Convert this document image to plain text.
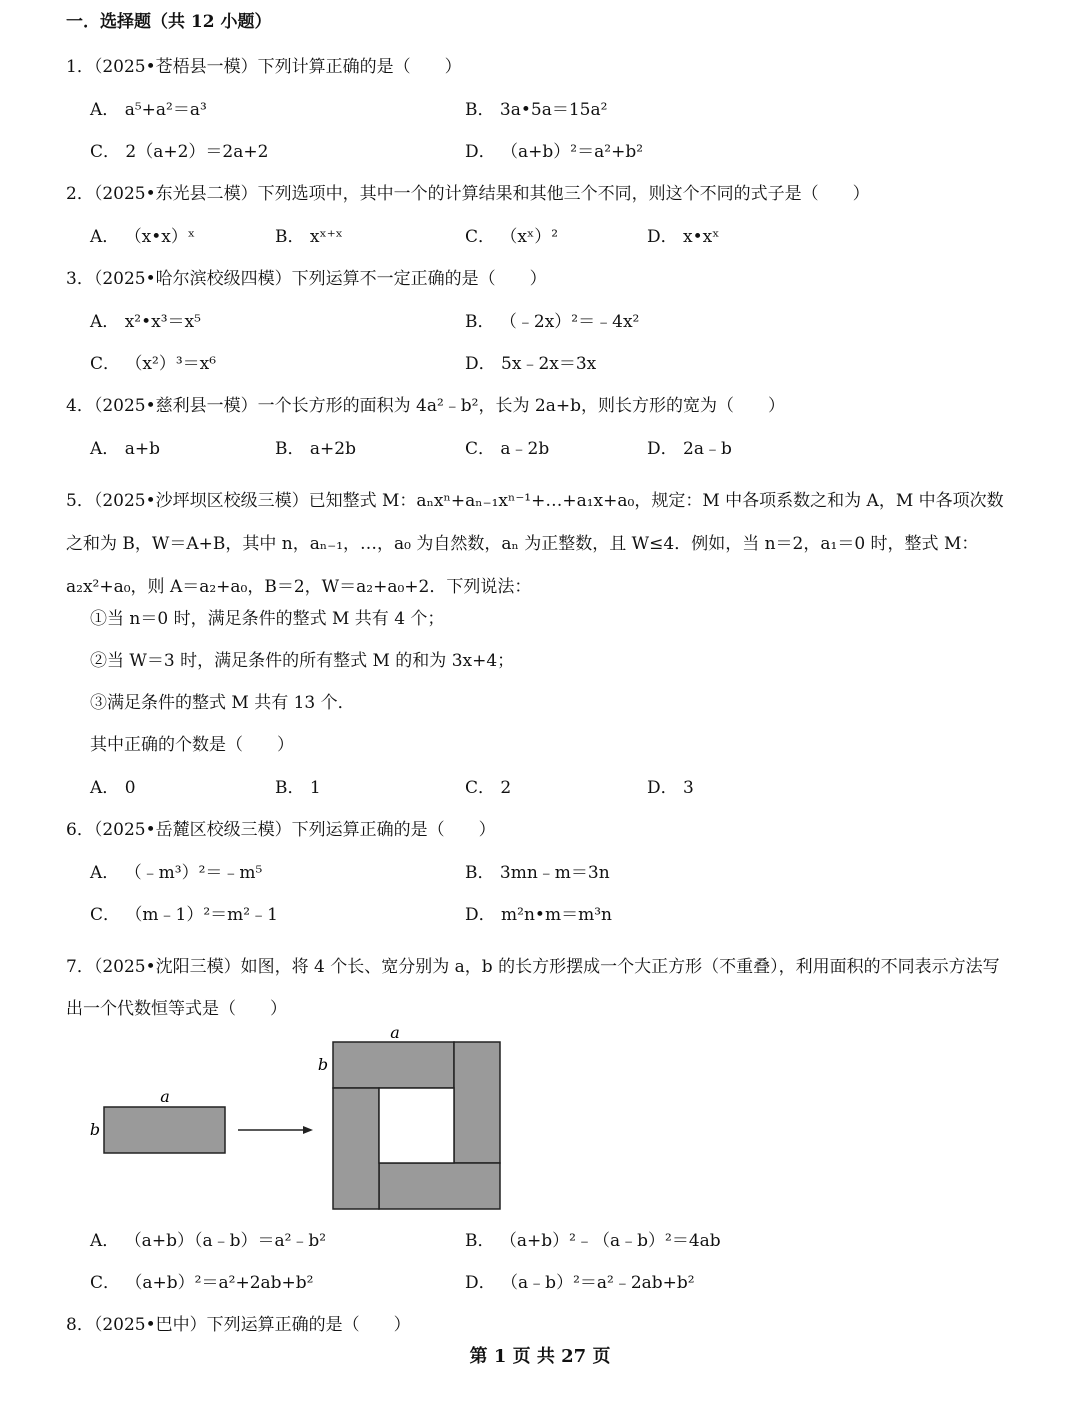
一．选择题（共 12 小题）
1．（2025•苍梧县一模）下列计算正确的是（　　）
A． a⁵+a²＝a³	B． 3a•5a＝15a²
C． 2（a+2）＝2a+2	D． （a+b）²＝a²+b²
2．（2025•东光县二模）下列选项中，其中一个的计算结果和其他三个不同，则这个不同的式子是（　　）
A． （x•x）ˣ	B． xˣ⁺ˣ	C． （xˣ）²	D． x•xˣ
3．（2025•哈尔滨校级四模）下列运算不一定正确的是（　　）
A． x²•x³＝x⁵	B． （﹣2x）²＝﹣4x²
C． （x²）³＝x⁶	D． 5x﹣2x＝3x
4．（2025•慈利县一模）一个长方形的面积为 4a²﹣b²，长为 2a+b，则长方形的宽为（　　）
A． a+b	B． a+2b	C． a﹣2b	D． 2a﹣b
5．（2025•沙坪坝区校级三模）已知整式 M：aₙxⁿ+aₙ₋₁xⁿ⁻¹+…+a₁x+a₀，规定：M 中各项系数之和为 A，M 中各项次数之和为 B，W＝A+B，其中 n，aₙ₋₁，…，a₀ 为自然数，aₙ 为正整数，且 W≤4．例如，当 n＝2，a₁＝0 时，整式 M：a₂x²+a₀，则 A＝a₂+a₀，B＝2，W＝a₂+a₀+2．下列说法：
①当 n＝0 时，满足条件的整式 M 共有 4 个；
②当 W＝3 时，满足条件的所有整式 M 的和为 3x+4；
③满足条件的整式 M 共有 13 个．
其中正确的个数是（　　）
A． 0	B． 1	C． 2	D． 3
6．（2025•岳麓区校级三模）下列运算正确的是（　　）
A． （﹣m³）²＝﹣m⁵	B． 3mn﹣m＝3n
C． （m﹣1）²＝m²﹣1	D． m²n•m＝m³n
7．（2025•沈阳三模）如图，将 4 个长、宽分别为 a，b 的长方形摆成一个大正方形（不重叠），利用面积的不同表示方法写出一个代数恒等式是（　　）
a
b
a
b
A． （a+b）（a﹣b）＝a²﹣b²	B． （a+b）²﹣（a﹣b）²＝4ab
C． （a+b）²＝a²+2ab+b²	D． （a﹣b）²＝a²﹣2ab+b²
8．（2025•巴中）下列运算正确的是（　　）
第 1 页 共 27 页
